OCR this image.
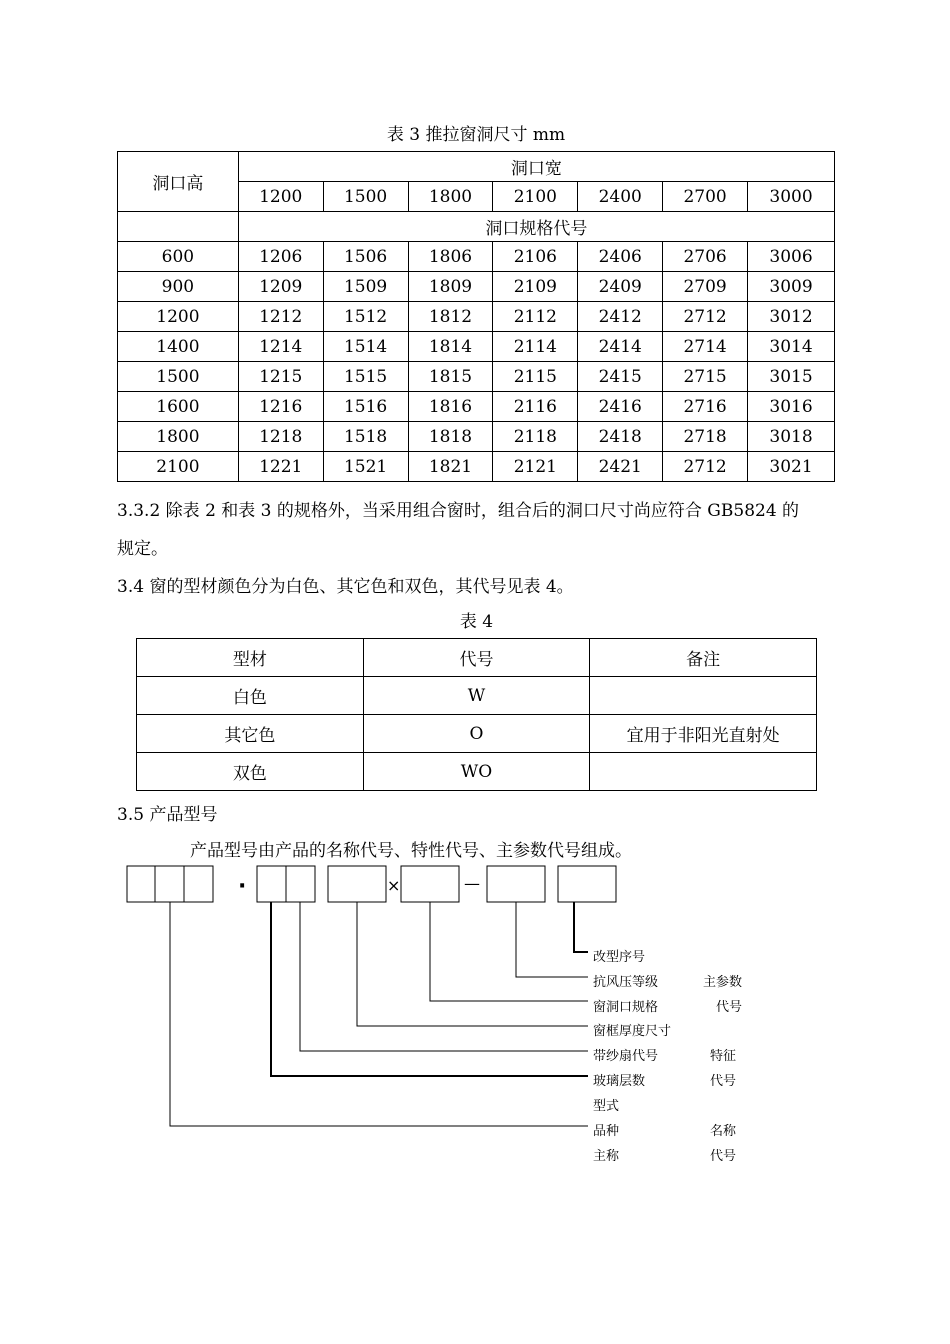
表 3 推拉窗洞尺寸 mm
洞口高	洞口宽						
	1200	1500	1800	2100	2400	2700	3000
	洞口规格代号						
600	1206	1506	1806	2106	2406	2706	3006
900	1209	1509	1809	2109	2409	2709	3009
1200	1212	1512	1812	2112	2412	2712	3012
1400	1214	1514	1814	2114	2414	2714	3014
1500	1215	1515	1815	2115	2415	2715	3015
1600	1216	1516	1816	2116	2416	2716	3016
1800	1218	1518	1818	2118	2418	2718	3018
2100	1221	1521	1821	2121	2421	2712	3021
3.3.2 除表 2 和表 3 的规格外，当采用组合窗时，组合后的洞口尺寸尚应符合 GB5824 的
规定。
3.4 窗的型材颜色分为白色、其它色和双色，其代号见表 4。
表 4
型材	代号	备注
白色	W	
其它色	O	宜用于非阳光直射处
双色	WO	
3.5 产品型号
产品型号由产品的名称代号、特性代号、主参数代号组成。
·	×	—
改型序号
抗风压等级
窗洞口规格
窗框厚度尺寸
带纱扇代号
玻璃层数
型式
品种
主称
主参数
代号
特征
代号
名称
代号
